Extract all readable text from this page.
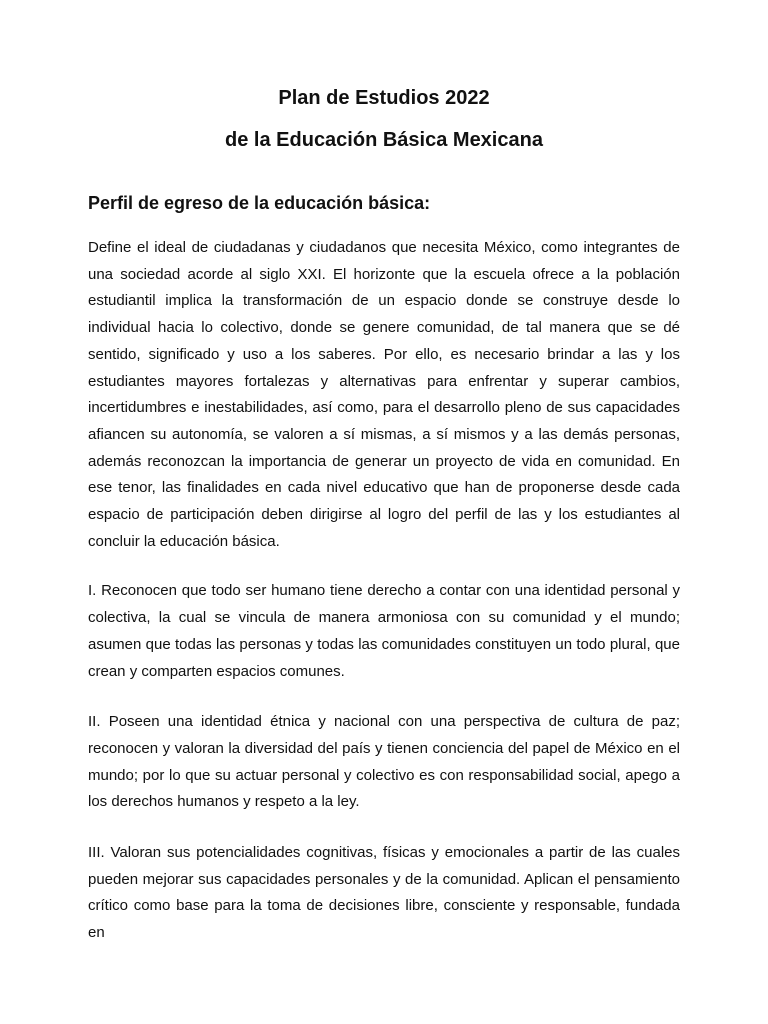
Plan de Estudios 2022
de la Educación Básica Mexicana
Perfil de egreso de la educación básica:

Define el ideal de ciudadanas y ciudadanos que necesita México, como integrantes de una sociedad acorde al siglo XXI. El horizonte que la escuela ofrece a la población estudiantil implica la transformación de un espacio donde se construye desde lo individual hacia lo colectivo, donde se genere comunidad, de tal manera que se dé sentido, significado y uso a los saberes. Por ello, es necesario brindar a las y los estudiantes mayores fortalezas y alternativas para enfrentar y superar cambios, incertidumbres e inestabilidades, así como, para el desarrollo pleno de sus capacidades afiancen su autonomía, se valoren a sí mismas, a sí mismos y a las demás personas, además reconozcan la importancia de generar un proyecto de vida en comunidad. En ese tenor, las finalidades en cada nivel educativo que han de proponerse desde cada espacio de participación deben dirigirse al logro del perfil de las y los estudiantes al concluir la educación básica.

I. Reconocen que todo ser humano tiene derecho a contar con una identidad personal y colectiva, la cual se vincula de manera armoniosa con su comunidad y el mundo; asumen que todas las personas y todas las comunidades constituyen un todo plural, que crean y comparten espacios comunes.

II. Poseen una identidad étnica y nacional con una perspectiva de cultura de paz; reconocen y valoran la diversidad del país y tienen conciencia del papel de México en el mundo; por lo que su actuar personal y colectivo es con responsabilidad social, apego a los derechos humanos y respeto a la ley.

III. Valoran sus potencialidades cognitivas, físicas y emocionales a partir de las cuales pueden mejorar sus capacidades personales y de la comunidad. Aplican el pensamiento crítico como base para la toma de decisiones libre, consciente y responsable, fundada en
